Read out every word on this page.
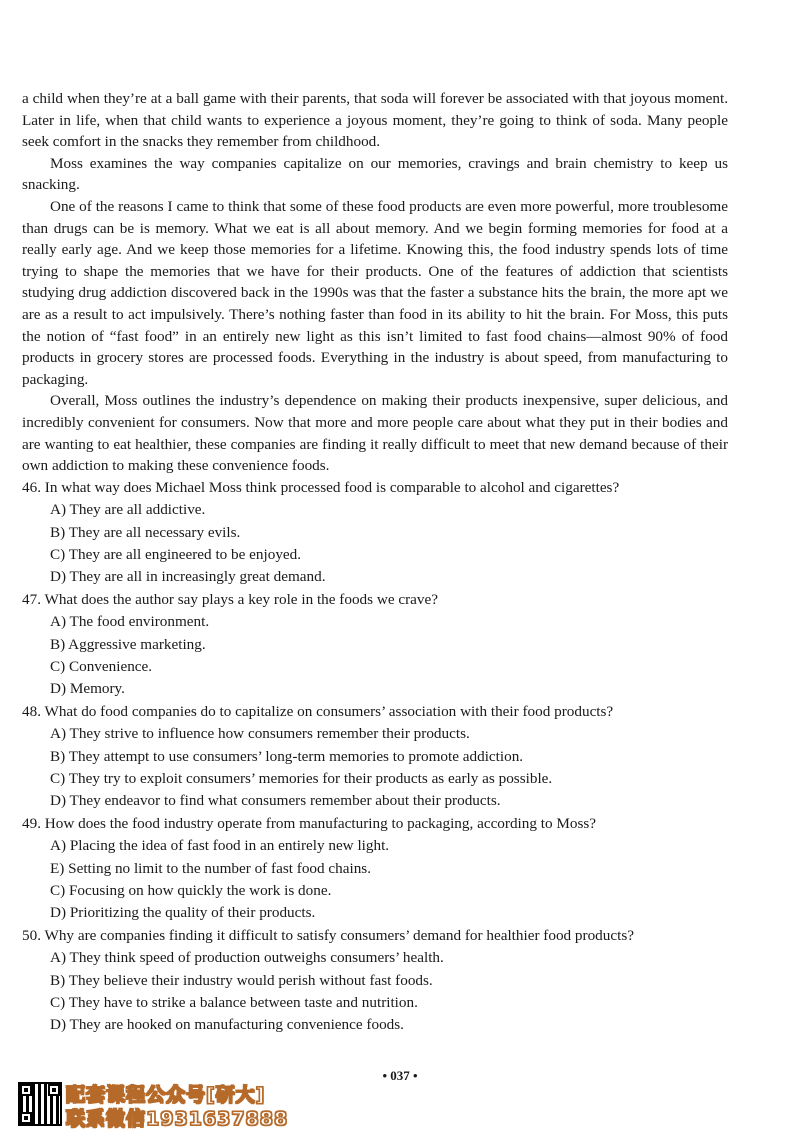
a child when they’re at a ball game with their parents, that soda will forever be associated with that joyous moment. Later in life, when that child wants to experience a joyous moment, they’re going to think of soda. Many people seek comfort in the snacks they remember from childhood.

Moss examines the way companies capitalize on our memories, cravings and brain chemistry to keep us snacking.

One of the reasons I came to think that some of these food products are even more powerful, more troublesome than drugs can be is memory. What we eat is all about memory. And we begin forming memories for food at a really early age. And we keep those memories for a lifetime. Knowing this, the food industry spends lots of time trying to shape the memories that we have for their products. One of the features of addiction that scientists studying drug addiction discovered back in the 1990s was that the faster a substance hits the brain, the more apt we are as a result to act impulsively. There’s nothing faster than food in its ability to hit the brain. For Moss, this puts the notion of “fast food” in an entirely new light as this isn’t limited to fast food chains—almost 90% of food products in grocery stores are processed foods. Everything in the industry is about speed, from manufacturing to packaging.

Overall, Moss outlines the industry’s dependence on making their products inexpensive, super delicious, and incredibly convenient for consumers. Now that more and more people care about what they put in their bodies and are wanting to eat healthier, these companies are finding it really difficult to meet that new demand because of their own addiction to making these convenience foods.

46. In what way does Michael Moss think processed food is comparable to alcohol and cigarettes?

A) They are all addictive.

B) They are all necessary evils.

C) They are all engineered to be enjoyed.

D) They are all in increasingly great demand.

47. What does the author say plays a key role in the foods we crave?

A) The food environment.

B) Aggressive marketing.

C) Convenience.

D) Memory.

48. What do food companies do to capitalize on consumers’ association with their food products?

A) They strive to influence how consumers remember their products.

B) They attempt to use consumers’ long-term memories to promote addiction.

C) They try to exploit consumers’ memories for their products as early as possible.

D) They endeavor to find what consumers remember about their products.

49. How does the food industry operate from manufacturing to packaging, according to Moss?

A) Placing the idea of fast food in an entirely new light.

E) Setting no limit to the number of fast food chains.

C) Focusing on how quickly the work is done.

D) Prioritizing the quality of their products.

50. Why are companies finding it difficult to satisfy consumers’ demand for healthier food products?

A) They think speed of production outweighs consumers’ health.

B) They believe their industry would perish without fast foods.

C) They have to strike a balance between taste and nutrition.

D) They are hooked on manufacturing convenience foods.

• 037 •
配套课程公众号[研大]
联系微信1931637888
